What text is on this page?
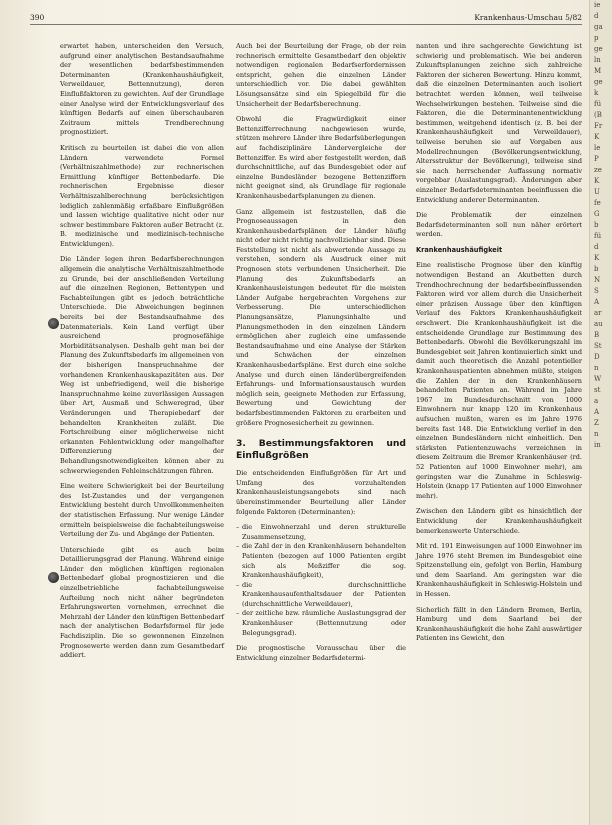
390	Krankenhaus-Umschau 5/82

erwartet haben, unterscheiden den Versuch, aufgrund einer analytischen Bestandsaufnahme der wesentlichen bedarfsbestimmenden Determinanten (Krankenhaushäufigkeit, Verweildauer, Bettennutzung), deren Einflußfaktoren zu gewichten. Auf der Grundlage einer Analyse wird der Entwicklungsverlauf des künftigen Bedarfs auf einen überschaubaren Zeitraum mittels Trendberechnung prognostiziert.

Kritisch zu beurteilen ist dabei die von allen Ländern verwendete Formel (Verhältniszahlmethode) zur rechnerischen Ermittlung künftiger Bettenbedarfe. Die rechnerischen Ergebnisse dieser Verhältniszahlberechnung berücksichtigen lediglich zahlenmäßig erfaßbare Einflußgrößen und lassen wichtige qualitative nicht oder nur schwer bestimmbare Faktoren außer Betracht (z. B. medizinische und medizinisch-technische Entwicklungen).

Die Länder legen ihren Bedarfsberechnungen allgemein die analytische Verhältniszahlmethode zu Grunde, bei der anschließenden Verteilung auf die einzelnen Regionen, Bettentypen und Fachabteilungen gibt es jedoch beträchtliche Unterschiede. Die Abweichungen beginnen bereits bei der Bestandsaufnahme des Datenmaterials. Kein Land verfügt über ausreichend prognosefähige Morbiditätsanalysen. Deshalb geht man bei der Planung des Zukunftsbedarfs im allgemeinen von der bisherigen Inanspruchnahme der vorhandenen Krankenhauskapazitäten aus. Der Weg ist unbefriedigend, weil die bisherige Inanspruchnahme keine zuverlässigen Aussagen über Art, Ausmaß und Schweregrad, über Veränderungen und Therapiebedarf der behandelten Krankheiten zuläßt. Die Fortschreibung einer möglicherweise nicht erkannten Fehlentwicklung oder mangelhafter Differenzierung der Behandlungsnotwendigkeiten können aber zu schwerwiegenden Fehleinschätzungen führen.

Eine weitere Schwierigkeit bei der Beurteilung des Ist-Zustandes und der vergangenen Entwicklung besteht durch Unvollkommenheiten der statistischen Erfassung. Nur wenige Länder ermitteln beispielsweise die fachabteilungsweise Verteilung der Zu- und Abgänge der Patienten.

Unterschiede gibt es auch beim Detaillierungsgrad der Planung. Während einige Länder den möglichen künftigen regionalen Bettenbedarf global prognostizieren und die einzelbetriebliche fachabteilungsweise Aufteilung noch nicht näher begründeten Erfahrungswerten vornehmen, errechnet die Mehrzahl der Länder den künftigen Bettenbedarf nach der analytischen Bedarfsformel für jede Fachdisziplin. Die so gewonnenen Einzelnen Prognosewerte werden dann zum Gesamtbedarf addiert.

Auch bei der Beurteilung der Frage, ob der rein rechnerisch ermittelte Gesamtbedarf den objektiv notwendigen regionalen Bedarfserfordernissen entspricht, gehen die einzelnen Länder unterschiedlich vor. Die dabei gewählten Lösungsansätze sind ein Spiegelbild für die Unsicherheit der Bedarfsberechnung.

Obwohl die Fragwürdigkeit einer Bettenzifferrechnung nachgewiesen wurde, stützen mehrere Länder ihre Bedarfsüberlegungen auf fachdisziplinäre Ländervergleiche der Bettenziffer. Es wird aber festgestellt werden, daß durchschnittliche, auf das Bundesgebiet oder auf einzelne Bundesländer bezogene Bettenziffern nicht geeignet sind, als Grundlage für regionale Krankenhausbedarfsplanungen zu dienen.

Ganz allgemein ist festzustellen, daß die Prognoseaussagen in den Krankenhausbedarfsplänen der Länder häufig nicht oder nicht richtig nachvollziehbar sind. Diese Feststellung ist nicht als abwertende Aussage zu verstehen, sondern als Ausdruck einer mit Prognosen stets verbundenen Unsicherheit. Die Planung des Zukunftsbedarfs an Krankenhausleistungen bedeutet für die meisten Länder Aufgabe hergebrachten Vorgehens zur Verbesserung. Die unterschiedlichen Planungsansätze, Planungsinhalte und Planungsmethoden in den einzelnen Ländern ermöglichen aber zugleich eine umfassende Bestandsaufnahme und eine Analyse der Stärken und Schwächen der einzelnen Krankenhausbedarfspläne. Erst durch eine solche Analyse und durch einen länderübergreifenden Erfahrungs- und Informationsaustausch wurden möglich sein, geeignete Methoden zur Erfassung, Bewertung und Gewichtung der bedarfsbestimmenden Faktoren zu erarbeiten und größere Prognosesicherheit zu gewinnen.

3. Bestimmungsfaktoren und Einflußgrößen

Die entscheidenden Einflußgrößen für Art und Umfang des vorzuhaltenden Krankenhausleistungsangebots sind nach übereinstimmender Beurteilung aller Länder folgende Faktoren (Determinanten):

– die Einwohnerzahl und deren strukturelle Zusammensetzung,
– die Zahl der in den Krankenhäusern behandelten Patienten (bezogen auf 1000 Patienten ergibt sich als Meßziffer die sog. Krankenhaushäufigkeit),
– die durchschnittliche Krankenhausaufenthaltsdauer der Patienten (durchschnittliche Verweildauer),
– der zeitliche bzw. räumliche Auslastungsgrad der Krankenhäuser (Bettennutzung oder Belegungsgrad).

Die prognostische Vorausschau über die Entwicklung einzelner Bedarfsdetermi-

nanten und ihre sachgerechte Gewichtung ist schwierig und problematisch. Wie bei anderen Zukunftsplanungen zeichne sich zahlreiche Faktoren der sicheren Bewertung. Hinzu kommt, daß die einzelnen Determinanten auch isoliert betrachtet werden können, weil teilweise Wechselwirkungen bestehen. Teilweise sind die Faktoren, die die Determinantenentwicklung bestimmen, weitgehend identisch (z. B. bei der Krankenhaushäufigkeit und Verweildauer), teilweise beruhen sie auf Vorgaben aus Modellrechnungen (Bevölkerungsentwicklung, Altersstruktur der Bevölkerung), teilweise sind sie nach herrschender Auffassung normativ vorgebbar (Auslastungsgrad). Änderungen aber einzelner Bedarfsdeterminanten beeinflussen die Entwicklung anderer Determinanten.

Die Problematik der einzelnen Bedarfsdeterminanten soll nun näher erörtert werden.

Krankenhaushäufigkeit

Eine realistische Prognose über den künftig notwendigen Bestand an Akutbetten durch Trendhochrechnung der bedarfsbeeinflussenden Faktoren wird vor allem durch die Unsicherheit einer präzisen Aussage über den künftigen Verlauf des Faktors Krankenhaushäufigkeit erschwert. Die Krankenhaushäufigkeit ist die entscheidende Grundlage zur Bestimmung des Bettenbedarfs. Obwohl die Bevölkerungszahl im Bundesgebiet seit Jahren kontinuierlich sinkt und damit auch theoretisch die Anzahl potentieller Krankenhauspatienten abnehmen müßte, steigen die Zahlen der in den Krankenhäusern behandelten Patienten an. Während im Jahre 1967 im Bundesdurchschnitt von 1000 Einwohnern nur knapp 120 im Krankenhaus aufsuchen mußten, waren es im Jahre 1976 bereits fast 148. Die Entwicklung verlief in den einzelnen Bundesländern nicht einheitlich. Den stärksten Patientenzuwachs verzeichnen in diesem Zeitraum die Bremer Krankenhäuser (rd. 52 Patienten auf 1000 Einwohner mehr), am geringsten war die Zunahme in Schleswig-Holstein (knapp 17 Patienten auf 1000 Einwohner mehr).

Zwischen den Ländern gibt es hinsichtlich der Entwicklung der Krankenhaushäufigkeit bemerkenswerte Unterschiede.

Mit rd. 191 Einweisungen auf 1000 Einwohner im Jahre 1976 steht Bremen im Bundesgebiet eine Spitzenstellung ein, gefolgt von Berlin, Hamburg und dem Saarland. Am geringsten war die Krankenhaushäufigkeit in Schleswig-Holstein und in Hessen.

Sicherlich fällt in den Ländern Bremen, Berlin, Hamburg und dem Saarland bei der Krankenhaushäufigkeit die hohe Zahl auswärtiger Patienten ins Gewicht, den

ie
d
ga
p
ge
ln
M
ge
k
fü
(B
Fr
K
le
P
ze
K
U
fe
G
b
fü
d
K
b
N
S
A
ar
au
B
St
D
n
W
st
a
A
Z
n
in
